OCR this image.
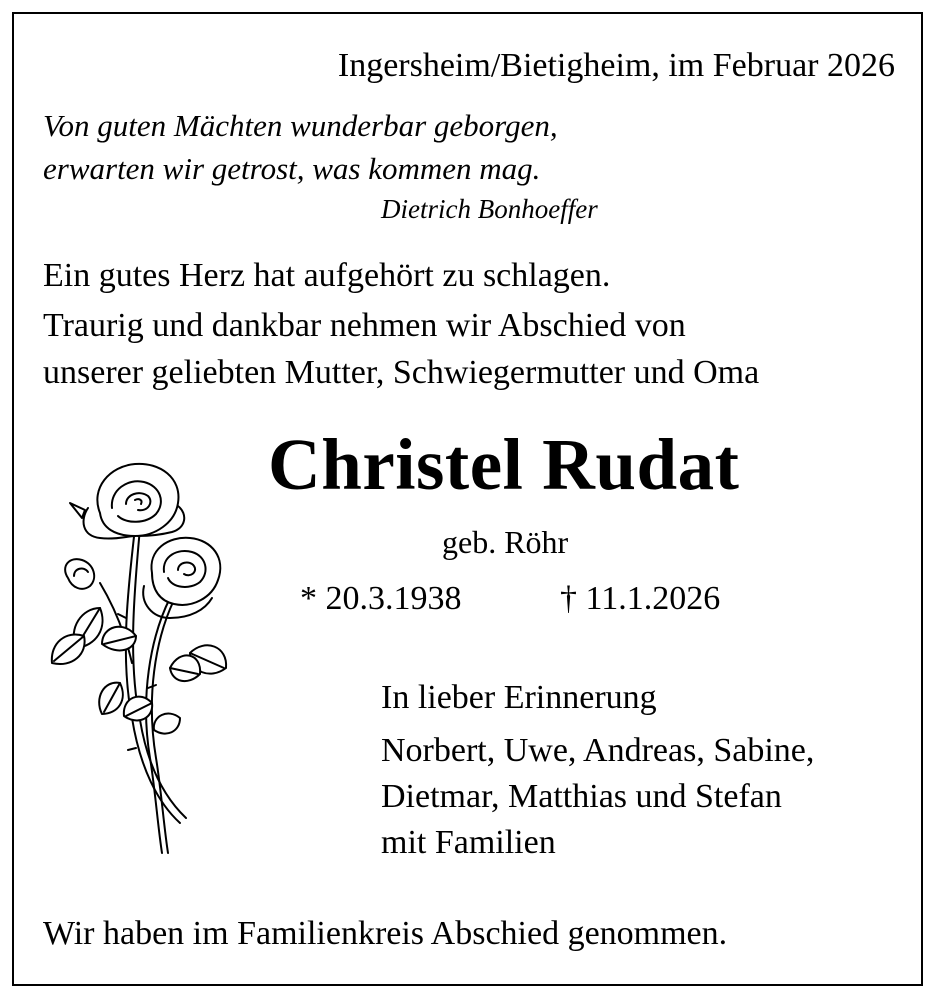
Ingersheim/Bietigheim, im Februar 2026
Von guten Mächten wunderbar geborgen,
erwarten wir getrost, was kommen mag.
Dietrich Bonhoeffer
Ein gutes Herz hat aufgehört zu schlagen.
Traurig und dankbar nehmen wir Abschied von
unserer geliebten Mutter, Schwiegermutter und Oma
Christel Rudat
geb. Röhr
* 20.3.1938	† 11.1.2026
In lieber Erinnerung
Norbert, Uwe, Andreas, Sabine,
Dietmar, Matthias und Stefan
mit Familien
Wir haben im Familienkreis Abschied genommen.
